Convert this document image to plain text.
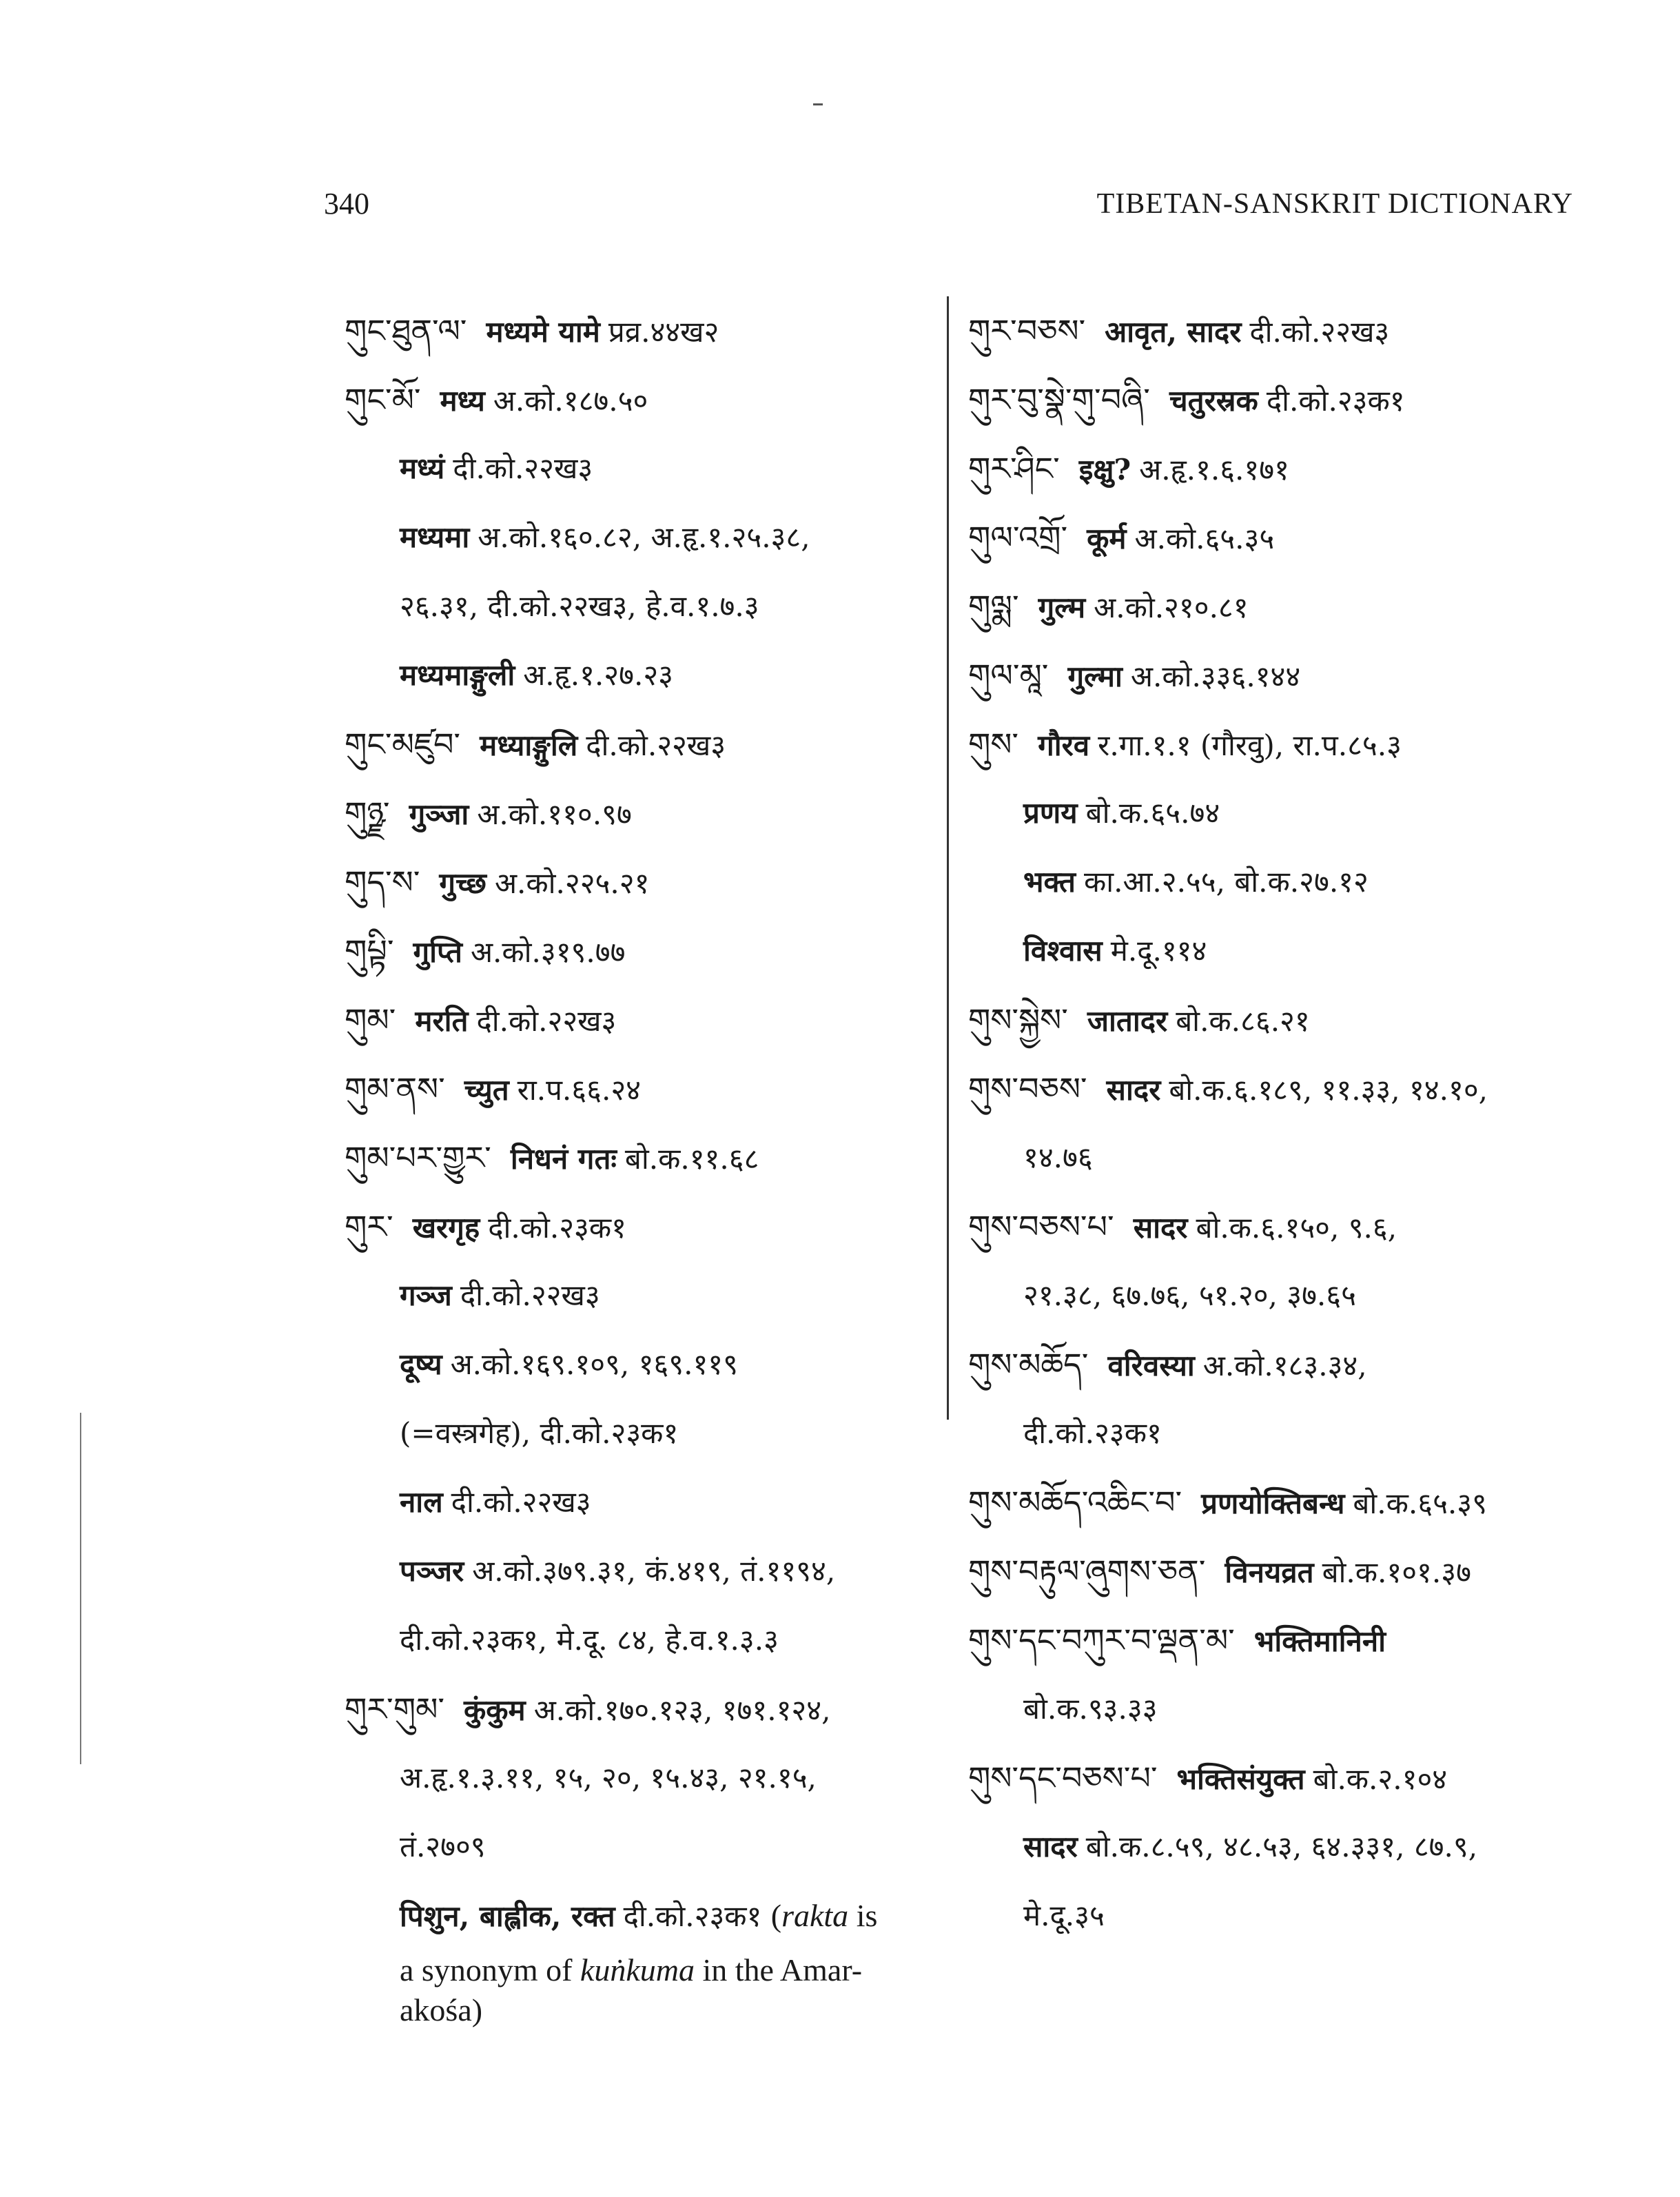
340	TIBETAN-SANSKRIT DICTIONARY
གུང་ཐུན་ལ་ मध्यमे यामे प्रव्र.४४ख२
གུང་མོ་ मध्य अ.को.१८७.५०
मध्यं दी.को.२२ख३
मध्यमा अ.को.१६०.८२, अ.हृ.१.२५.३८,
२६.३१, दी.को.२२ख३, हे.व.१.७.३
मध्यमाङ्गुली अ.हृ.१.२७.२३
གུང་མཛུབ་ मध्याङ्गुलि दी.को.२२ख३
གུཉྫ་ गुञ्जा अ.को.११०.९७
གུད་ས་ गुच्छ अ.को.२२५.२१
གུཔྟི་ गुप्ति अ.को.३१९.७७
གུམ་ मरति दी.को.२२ख३
གུམ་ནས་ च्युत रा.प.६६.२४
གུམ་པར་གྱུར་ निधनं गतः बो.क.११.६८
གུར་ खरगृह दी.को.२३क१
गञ्ज दी.को.२२ख३
दूष्य अ.को.१६९.१०९, १६९.११९
(=वस्त्रगेह), दी.को.२३क१
नाल दी.को.२२ख३
पञ्जर अ.को.३७९.३१, कं.४१९, तं.११९४,
दी.को.२३क१, मे.दू. ८४, हे.व.१.३.३
གུར་གུམ་ कुंकुम अ.को.१७०.१२३, १७१.१२४,
अ.हृ.१.३.११, १५, २०, १५.४३, २१.१५,
तं.२७०९
पिशुन, बाह्लीक, रक्त दी.को.२३क१ (rakta is
a synonym of kuṅkuma in the Amar-
akośa)
གུར་བཅས་ आवृत, सादर दी.को.२२ख३
གུར་བུ་སྣེ་གུ་བཞི་ चतुरस्रक दी.को.२३क१
གུར་ཤིང་ इक्षु? अ.हृ.१.६.१७१
གུལ་འགྲོ་ कूर्म अ.को.६५.३५
གུལྨ་ गुल्म अ.को.२१०.८१
གུལ་མཱ་ गुल्मा अ.को.३३६.१४४
གུས་ गौरव र.गा.१.१ (गौरवु), रा.प.८५.३
प्रणय बो.क.६५.७४
भक्त का.आ.२.५५, बो.क.२७.१२
विश्वास मे.दू.११४
གུས་སྐྱེས་ जातादर बो.क.८६.२१
གུས་བཅས་ सादर बो.क.६.१८९, ११.३३, १४.१०,
१४.७६
གུས་བཅས་པ་ सादर बो.क.६.१५०, ९.६,
२१.३८, ६७.७६, ५१.२०, ३७.६५
གུས་མཆོད་ वरिवस्या अ.को.१८३.३४,
दी.को.२३क१
གུས་མཆོད་འཆིང་བ་ प्रणयोक्तिबन्ध बो.क.६५.३९
གུས་བརྟུལ་ཞུགས་ཅན་ विनयव्रत बो.क.१०१.३७
གུས་དང་བཀུར་བ་ལྡན་མ་ भक्तिमानिनी
बो.क.९३.३३
གུས་དང་བཅས་པ་ भक्तिसंयुक्त बो.क.२.१०४
सादर बो.क.८.५९, ४८.५३, ६४.३३१, ८७.९,
मे.दू.३५
